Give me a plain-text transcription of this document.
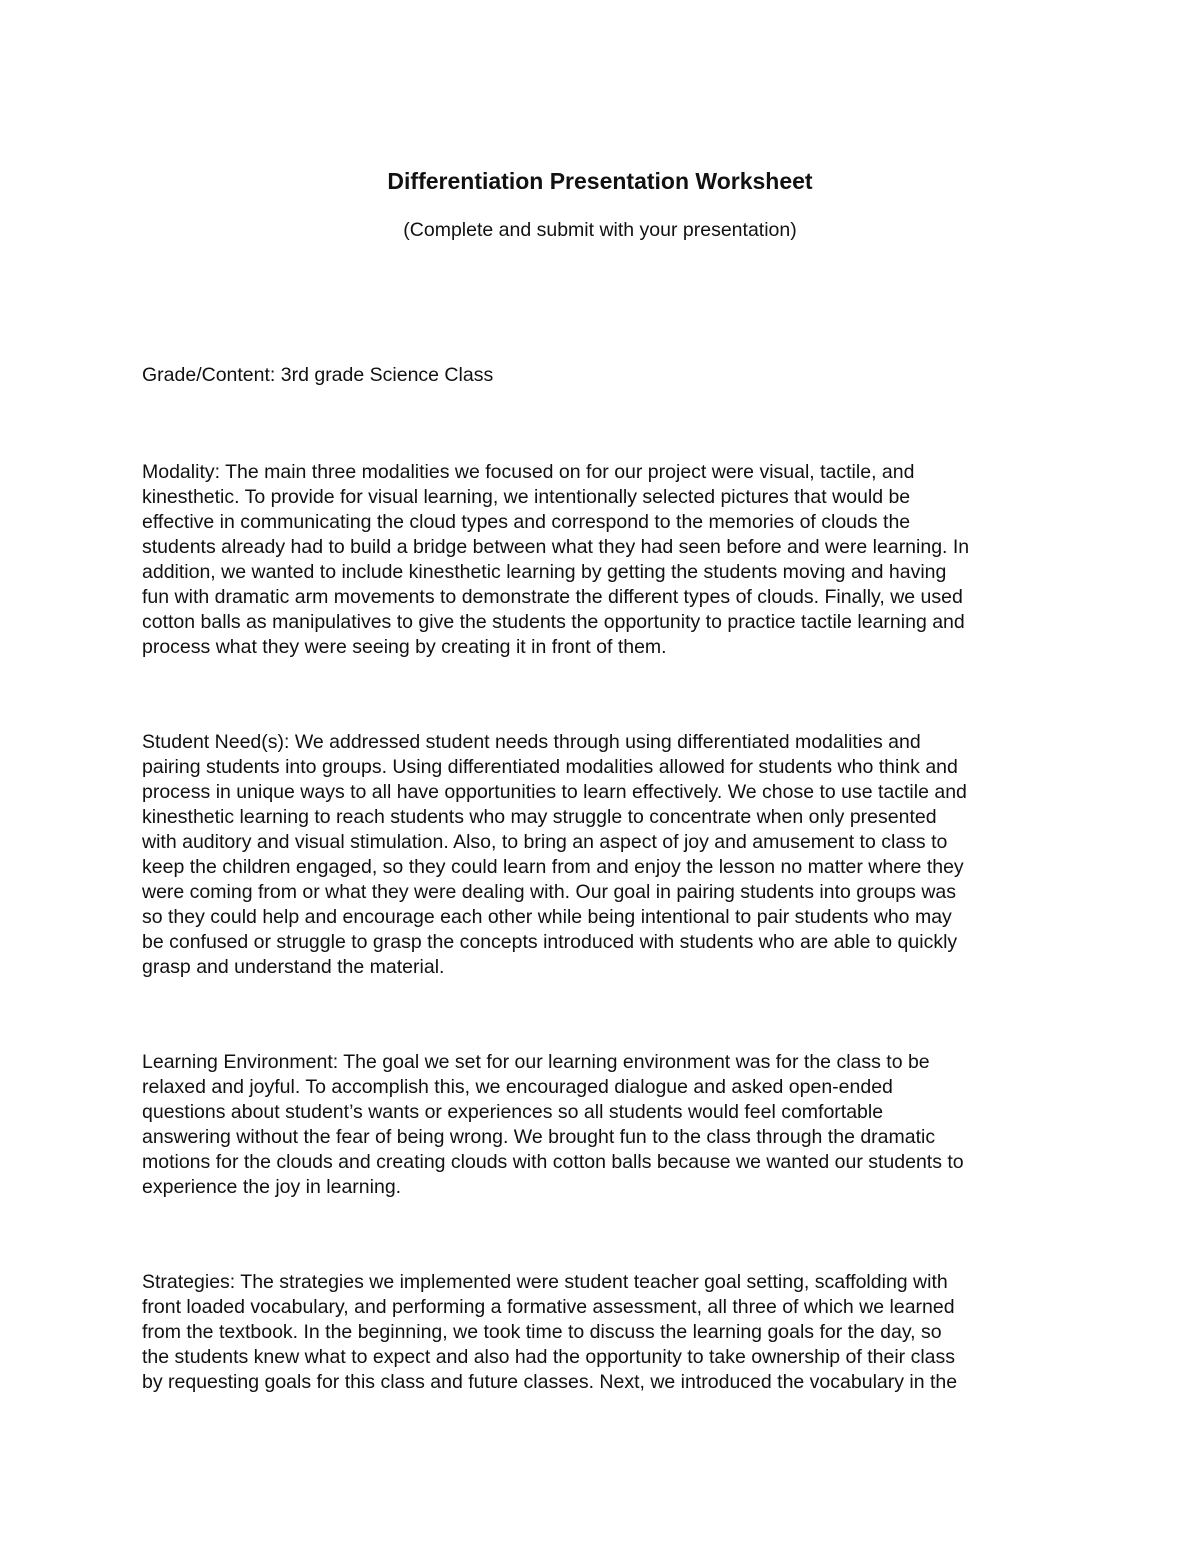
Differentiation Presentation Worksheet

(Complete and submit with your presentation)

Grade/Content: 3rd grade Science Class

Modality: The main three modalities we focused on for our project were visual, tactile, and
kinesthetic. To provide for visual learning, we intentionally selected pictures that would be
effective in communicating the cloud types and correspond to the memories of clouds the
students already had to build a bridge between what they had seen before and were learning. In
addition, we wanted to include kinesthetic learning by getting the students moving and having
fun with dramatic arm movements to demonstrate the different types of clouds. Finally, we used
cotton balls as manipulatives to give the students the opportunity to practice tactile learning and
process what they were seeing by creating it in front of them.

Student Need(s): We addressed student needs through using differentiated modalities and
pairing students into groups. Using differentiated modalities allowed for students who think and
process in unique ways to all have opportunities to learn effectively. We chose to use tactile and
kinesthetic learning to reach students who may struggle to concentrate when only presented
with auditory and visual stimulation. Also, to bring an aspect of joy and amusement to class to
keep the children engaged, so they could learn from and enjoy the lesson no matter where they
were coming from or what they were dealing with. Our goal in pairing students into groups was
so they could help and encourage each other while being intentional to pair students who may
be confused or struggle to grasp the concepts introduced with students who are able to quickly
grasp and understand the material.

Learning Environment: The goal we set for our learning environment was for the class to be
relaxed and joyful. To accomplish this, we encouraged dialogue and asked open-ended
questions about student’s wants or experiences so all students would feel comfortable
answering without the fear of being wrong. We brought fun to the class through the dramatic
motions for the clouds and creating clouds with cotton balls because we wanted our students to
experience the joy in learning.

Strategies: The strategies we implemented were student teacher goal setting, scaffolding with
front loaded vocabulary, and performing a formative assessment, all three of which we learned
from the textbook. In the beginning, we took time to discuss the learning goals for the day, so
the students knew what to expect and also had the opportunity to take ownership of their class
by requesting goals for this class and future classes. Next, we introduced the vocabulary in the
